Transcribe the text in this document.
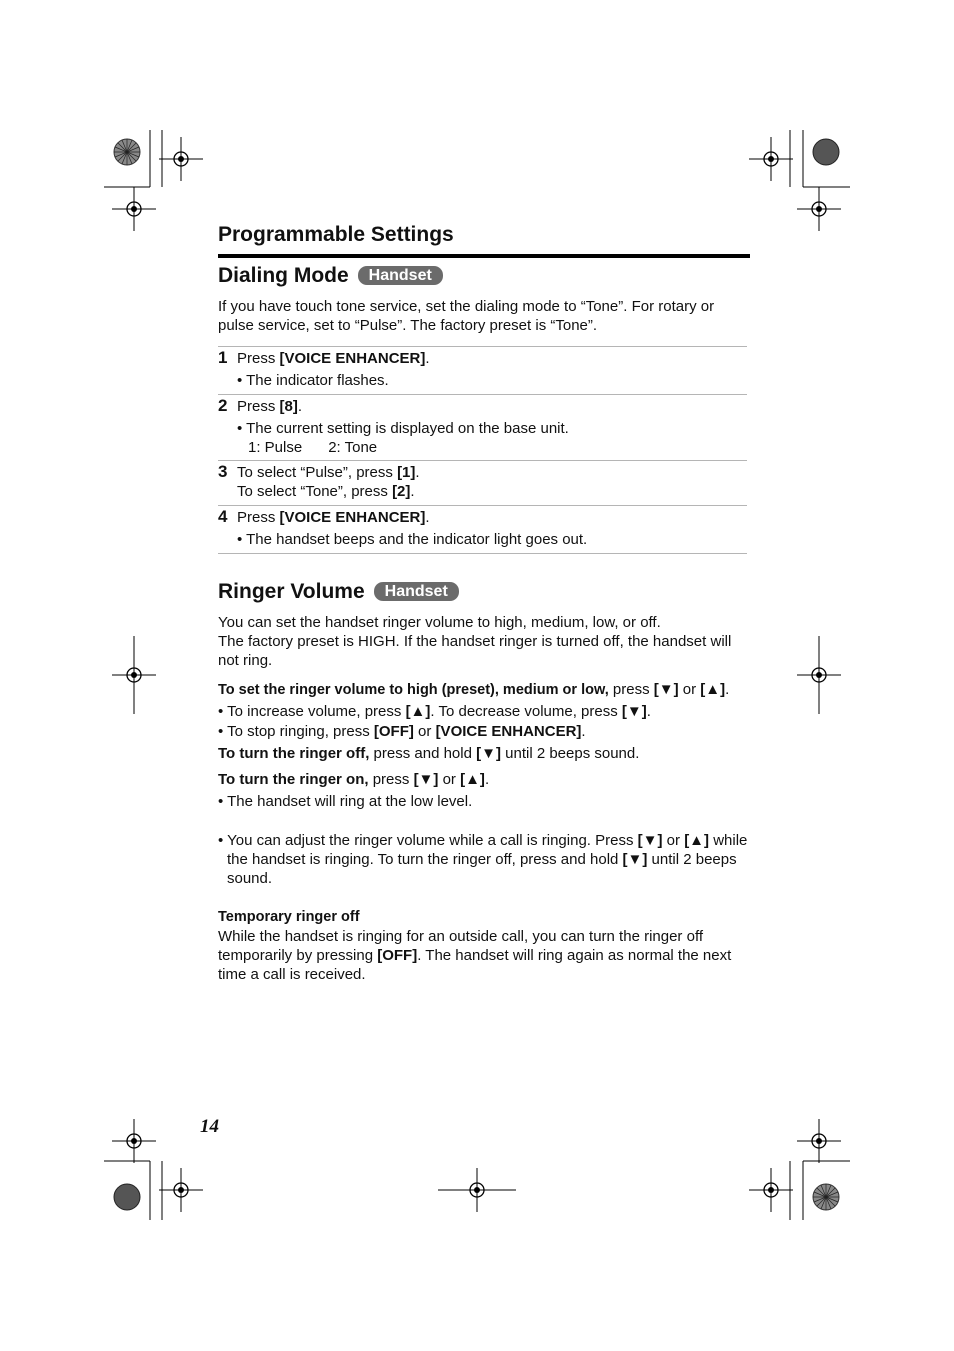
Programmable Settings
Dialing Mode Handset
If you have touch tone service, set the dialing mode to “Tone”. For rotary or pulse service, set to “Pulse”. The factory preset is “Tone”.
1 Press [VOICE ENHANCER].
• The indicator flashes.
2 Press [8].
• The current setting is displayed on the base unit.
1: Pulse 2: Tone
3 To select “Pulse”, press [1].
To select “Tone”, press [2].
4 Press [VOICE ENHANCER].
• The handset beeps and the indicator light goes out.
Ringer Volume Handset
You can set the handset ringer volume to high, medium, low, or off.
The factory preset is HIGH. If the handset ringer is turned off, the handset will not ring.
To set the ringer volume to high (preset), medium or low, press [▼] or [▲].
• To increase volume, press [▲]. To decrease volume, press [▼].
• To stop ringing, press [OFF] or [VOICE ENHANCER].
To turn the ringer off, press and hold [▼] until 2 beeps sound.
To turn the ringer on, press [▼] or [▲].
• The handset will ring at the low level.
• You can adjust the ringer volume while a call is ringing. Press [▼] or [▲] while the handset is ringing. To turn the ringer off, press and hold [▼] until 2 beeps sound.
Temporary ringer off
While the handset is ringing for an outside call, you can turn the ringer off temporarily by pressing [OFF]. The handset will ring again as normal the next time a call is received.
14
